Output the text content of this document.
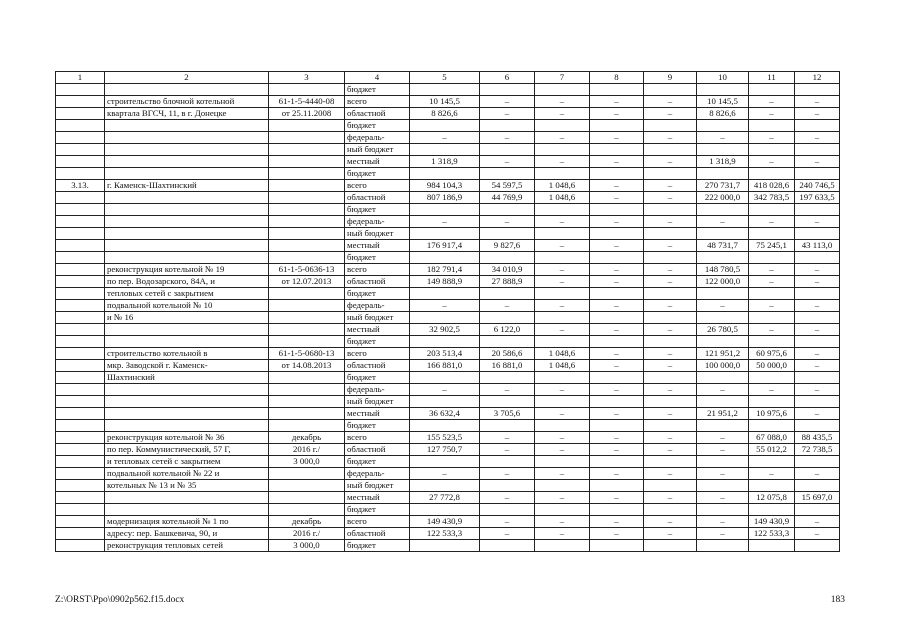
1	2	3	4	5	6	7	8	9	10	11	12
			бюджет								
	строительство блочной котельной	61-1-5-4440-08	всего	10 145,5	–	–	–	–	10 145,5	–	–
	квартала ВГСЧ, 11, в г. Донецке	от 25.11.2008	областной	8 826,6	–	–	–	–	8 826,6	–	–
			бюджет								
			федераль-	–	–	–	–	–	–	–	–
			ный бюджет								
			местный	1 318,9	–	–	–	–	1 318,9	–	–
			бюджет								
3.13.	г. Каменск-Шахтинский		всего	984 104,3	54 597,5	1 048,6	–	–	270 731,7	418 028,6	240 746,5
			областной	807 186,9	44 769,9	1 048,6	–	–	222 000,0	342 783,5	197 633,5
			бюджет								
			федераль-	–	–	–	–	–	–	–	–
			ный бюджет								
			местный	176 917,4	9 827,6	–	–	–	48 731,7	75 245,1	43 113,0
			бюджет								
	реконструкция котельной № 19	61-1-5-0636-13	всего	182 791,4	34 010,9	–	–	–	148 780,5	–	–
	по пер. Водозарского, 84А, и	от 12.07.2013	областной	149 888,9	27 888,9	–	–	–	122 000,0	–	–
	тепловых сетей с закрытием		бюджет								
	подвальной котельной № 10		федераль-	–	–	–	–	–	–	–	–
	и № 16		ный бюджет								
			местный	32 902,5	6 122,0	–	–	–	26 780,5	–	–
			бюджет								
	строительство котельной в	61-1-5-0680-13	всего	203 513,4	20 586,6	1 048,6	–	–	121 951,2	60 975,6	–
	мкр. Заводской г. Каменск-	от 14.08.2013	областной	166 881,0	16 881,0	1 048,6	–	–	100 000,0	50 000,0	–
	Шахтинский		бюджет								
			федераль-	–	–	–	–	–	–	–	–
			ный бюджет								
			местный	36 632,4	3 705,6	–	–	–	21 951,2	10 975,6	–
			бюджет								
	реконструкция котельной № 36	декабрь	всего	155 523,5	–	–	–	–	–	67 088,0	88 435,5
	по пер. Коммунистический, 57 Г,	2016 г./	областной	127 750,7	–	–	–	–	–	55 012,2	72 738,5
	и тепловых сетей с закрытием	3 000,0	бюджет								
	подвальной котельной № 22 и		федераль-	–	–	–	–	–	–	–	–
	котельных № 13 и № 35		ный бюджет								
			местный	27 772,8	–	–	–	–	–	12 075,8	15 697,0
			бюджет								
	модернизация котельной № 1 по	декабрь	всего	149 430,9	–	–	–	–	–	149 430,9	–
	адресу: пер. Башкевича, 90, и	2016 г./	областной	122 533,3	–	–	–	–	–	122 533,3	–
	реконструкция тепловых сетей	3 000,0	бюджет								
Z:\ORST\Ppo\0902p562.f15.docx	183
